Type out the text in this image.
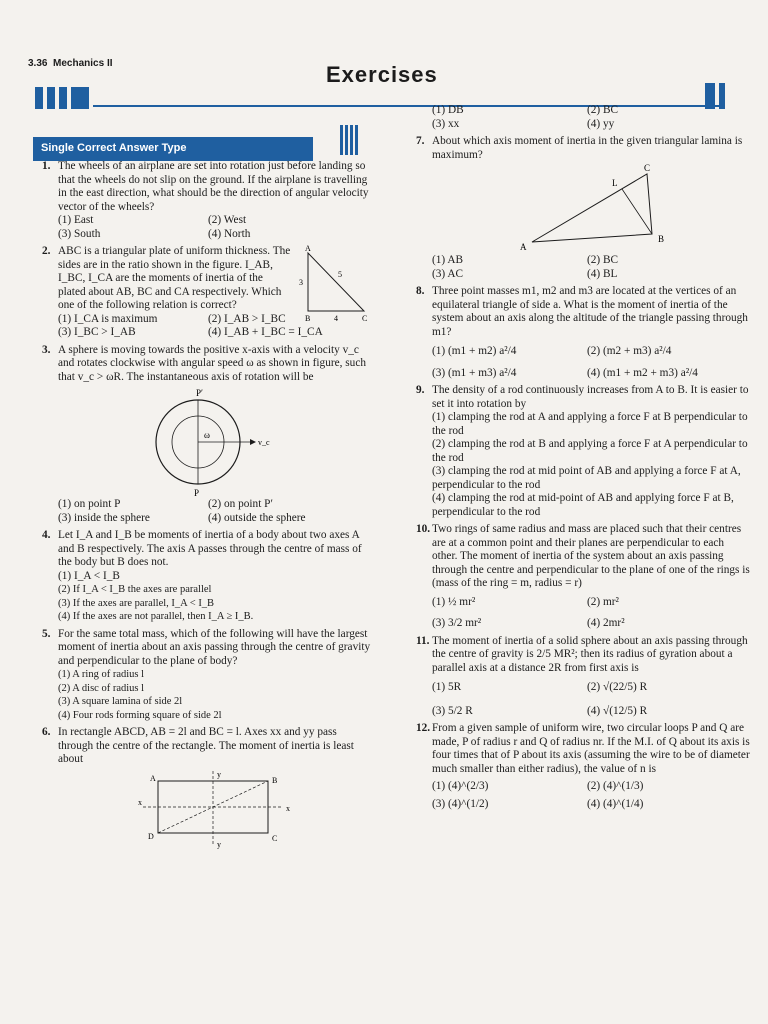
3.36 Mechanics II	Exercises
Single Correct Answer Type
1. The wheels of an airplane are set into rotation just before landing so that the wheels do not slip on the ground. If the airplane is travelling in the east direction, what should be the direction of angular velocity vector of the wheels?
(1) East	(2) West
(3) South	(4) North
2. ABC is a triangular plate of uniform thickness. The sides are in the ratio shown in the figure. I_AB, I_BC, I_CA are the moments of inertia of the plated about AB, BC and CA respectively. Which one of the following relation is correct?
A
B	C
3
4
5
(1) I_CA is maximum	(2) I_AB > I_BC
(3) I_BC > I_AB	(4) I_AB + I_BC = I_CA
3. A sphere is moving towards the positive x-axis with a velocity v_c and rotates clockwise with angular speed ω as shown in figure, such that v_c > ωR. The instantaneous axis of rotation will be
P′
P
ω
v_c
(1) on point P	(2) on point P′
(3) inside the sphere	(4) outside the sphere
4. Let I_A and I_B be moments of inertia of a body about two axes A and B respectively. The axis A passes through the centre of mass of the body but B does not.
(1) I_A < I_B
(2) If I_A < I_B the axes are parallel
(3) If the axes are parallel, I_A < I_B
(4) If the axes are not parallel, then I_A ≥ I_B.
5. For the same total mass, which of the following will have the largest moment of inertia about an axis passing through the centre of gravity and perpendicular to the plane of body?
(1) A ring of radius l
(2) A disc of radius l
(3) A square lamina of side 2l
(4) Four rods forming square of side 2l
6. In rectangle ABCD, AB = 2l and BC = l. Axes xx and yy pass through the centre of the rectangle. The moment of inertia is least about
A	B
C
D
x
x
y
y
(1) DB	(2) BC
(3) xx	(4) yy
7. About which axis moment of inertia in the given triangular lamina is maximum?
A
B
C
L
(1) AB	(2) BC
(3) AC	(4) BL
8. Three point masses m1, m2 and m3 are located at the vertices of an equilateral triangle of side a. What is the moment of inertia of the system about an axis along the altitude of the triangle passing through m1?
(1) (m1 + m2) a²/4	(2) (m2 + m3) a²/4
(3) (m1 + m3) a²/4	(4) (m1 + m2 + m3) a²/4
9. The density of a rod continuously increases from A to B. It is easier to set it into rotation by
(1) clamping the rod at A and applying a force F at B perpendicular to the rod
(2) clamping the rod at B and applying a force F at A perpendicular to the rod
(3) clamping the rod at mid point of AB and applying a force F at A, perpendicular to the rod
(4) clamping the rod at mid-point of AB and applying force F at B, perpendicular to the rod
10. Two rings of same radius and mass are placed such that their centres are at a common point and their planes are perpendicular to each other. The moment of inertia of the system about an axis passing through the centre and perpendicular to the plane of one of the rings is (mass of the ring = m, radius = r)
(1) ½ mr²	(2) mr²
(3) 3/2 mr²	(4) 2mr²
11. The moment of inertia of a solid sphere about an axis passing through the centre of gravity is 2/5 MR²; then its radius of gyration about a parallel axis at a distance 2R from first axis is
(1) 5R	(2) √(22/5) R
(3) 5/2 R	(4) √(12/5) R
12. From a given sample of uniform wire, two circular loops P and Q are made, P of radius r and Q of radius nr. If the M.I. of Q about its axis is four times that of P about its axis (assuming the wire to be of diameter much smaller than either radius), the value of n is
(1) (4)^(2/3)	(2) (4)^(1/3)
(3) (4)^(1/2)	(4) (4)^(1/4)
